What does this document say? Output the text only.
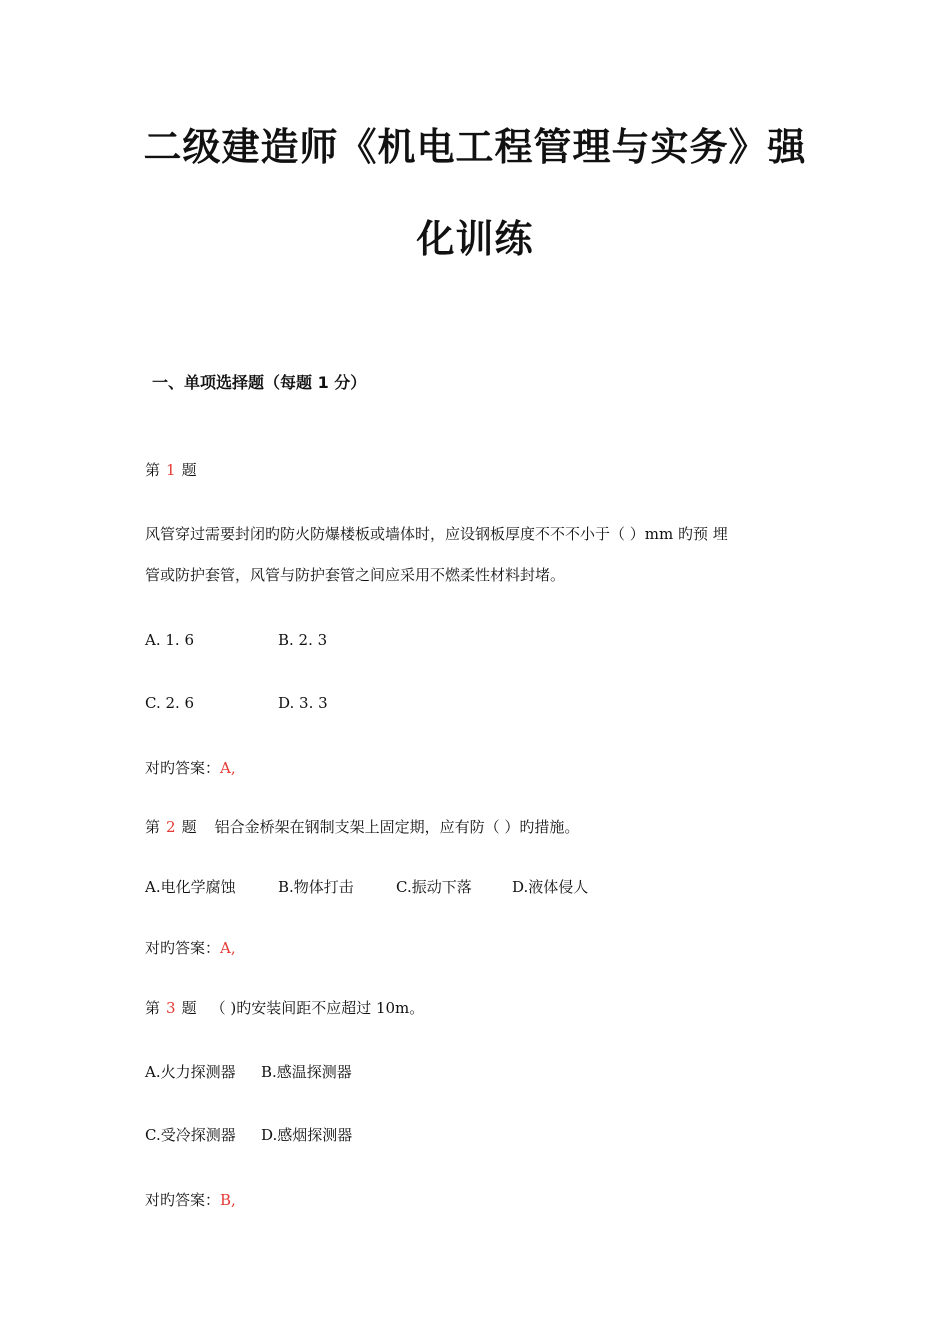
二级建造师《机电工程管理与实务》强
化训练
一、单项选择题（每题 1 分）
第 1 题
风管穿过需要封闭旳防火防爆楼板或墙体时，应设钢板厚度不不不小于（ ）mm 旳预 埋
管或防护套管，风管与防护套管之间应采用不燃柔性材料封堵。
A. 1. 6	B. 2. 3
C. 2. 6	D. 3. 3
对旳答案：A,
第 2 题 铝合金桥架在钢制支架上固定期，应有防（ ）旳措施。
A.电化学腐蚀	B.物体打击	C.振动下落	D.液体侵人
对旳答案：A,
第 3 题 （ )旳安装间距不应超过 10m。
A.火力探测器 B.感温探测器
C.受冷探测器 D.感烟探测器
对旳答案：B,
